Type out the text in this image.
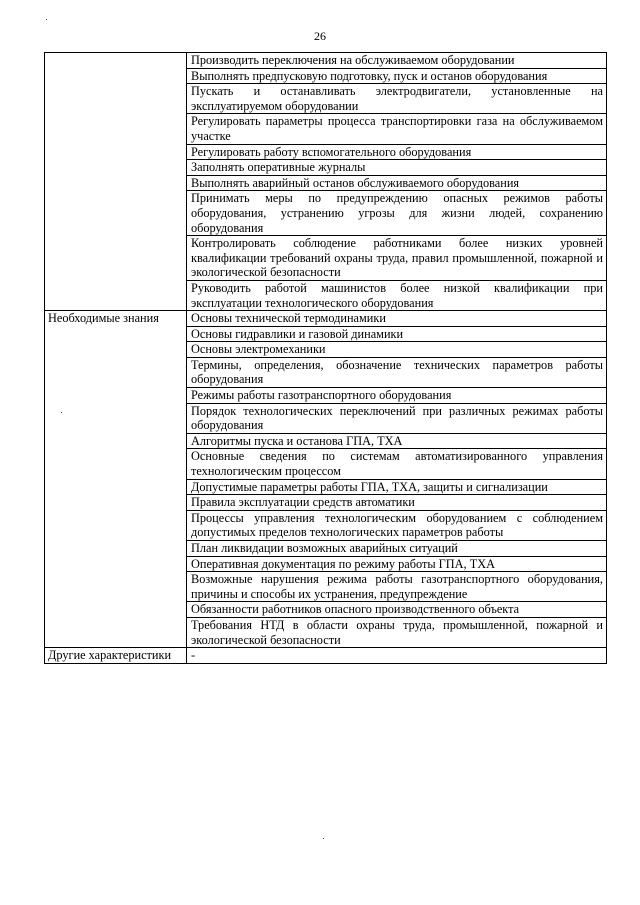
26
	Производить переключения на обслуживаемом оборудовании
	Выполнять предпусковую подготовку, пуск и останов оборудования
	Пускать и останавливать электродвигатели, установленные на эксплуатируемом оборудовании
	Регулировать параметры процесса транспортировки газа на обслуживаемом участке
	Регулировать работу вспомогательного оборудования
	Заполнять оперативные журналы
	Выполнять аварийный останов обслуживаемого оборудования
	Принимать меры по предупреждению опасных режимов работы оборудования, устранению угрозы для жизни людей, сохранению оборудования
	Контролировать соблюдение работниками более низких уровней квалификации требований охраны труда, правил промышленной, пожарной и экологической безопасности
	Руководить работой машинистов более низкой квалификации при эксплуатации технологического оборудования
Необходимые знания	Основы технической термодинамики
	Основы гидравлики и газовой динамики
	Основы электромеханики
	Термины, определения, обозначение технических параметров работы оборудования
	Режимы работы газотранспортного оборудования
	Порядок технологических переключений при различных режимах работы оборудования
	Алгоритмы пуска и останова ГПА, ТХА
	Основные сведения по системам автоматизированного управления технологическим процессом
	Допустимые параметры работы ГПА, ТХА, защиты и сигнализации
	Правила эксплуатации средств автоматики
	Процессы управления технологическим оборудованием с соблюдением допустимых пределов технологических параметров работы
	План ликвидации возможных аварийных ситуаций
	Оперативная документация по режиму работы ГПА, ТХА
	Возможные нарушения режима работы газотранспортного оборудования, причины и способы их устранения, предупреждение
	Обязанности работников опасного производственного объекта
	Требования НТД в области охраны труда, промышленной, пожарной и экологической безопасности
Другие характеристики	-
